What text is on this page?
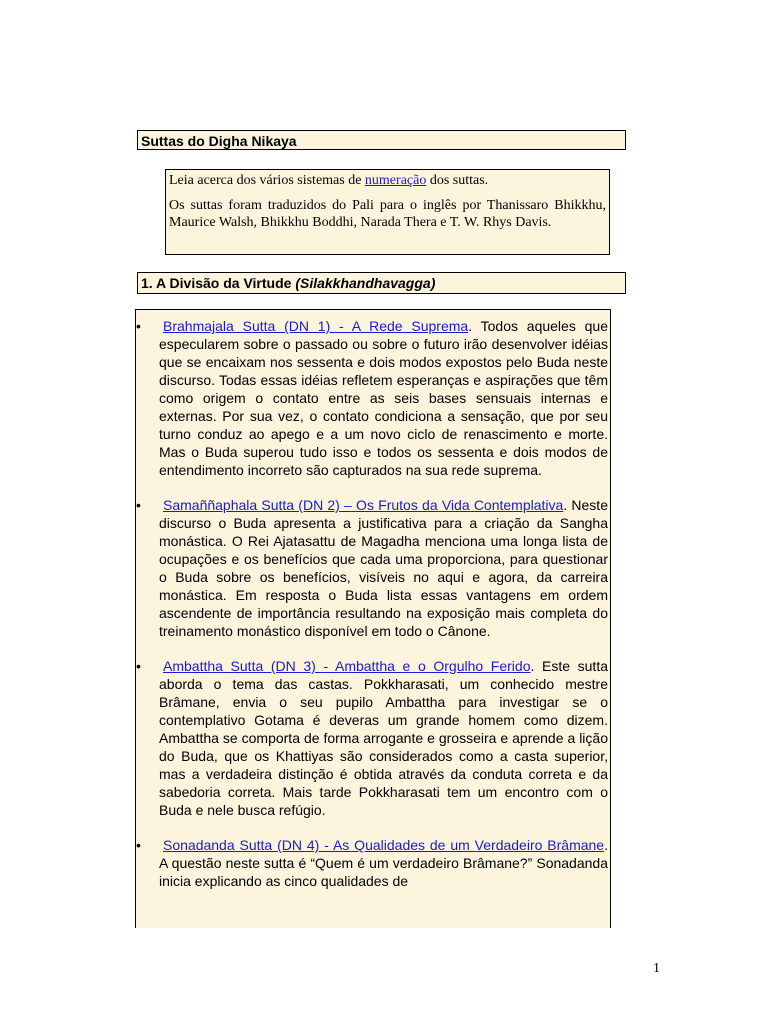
Suttas do Digha Nikaya

Leia acerca dos vários sistemas de numeração dos suttas.

Os suttas foram traduzidos do Pali para o inglês por Thanissaro Bhikkhu, Maurice Walsh, Bhikkhu Boddhi, Narada Thera e T. W. Rhys Davis.

1. A Divisão da Virtude (Silakkhandhavagga)
• Brahmajala Sutta (DN 1) - A Rede Suprema. Todos aqueles que especularem sobre o passado ou sobre o futuro irão desenvolver idéias que se encaixam nos sessenta e dois modos expostos pelo Buda neste discurso. Todas essas idéias refletem esperanças e aspirações que têm como origem o contato entre as seis bases sensuais internas e externas. Por sua vez, o contato condiciona a sensação, que por seu turno conduz ao apego e a um novo ciclo de renascimento e morte. Mas o Buda superou tudo isso e todos os sessenta e dois modos de entendimento incorreto são capturados na sua rede suprema.
• Samaññaphala Sutta (DN 2) – Os Frutos da Vida Contemplativa. Neste discurso o Buda apresenta a justificativa para a criação da Sangha monástica. O Rei Ajatasattu de Magadha menciona uma longa lista de ocupações e os benefícios que cada uma proporciona, para questionar o Buda sobre os benefícios, visíveis no aqui e agora, da carreira monástica. Em resposta o Buda lista essas vantagens em ordem ascendente de importância resultando na exposição mais completa do treinamento monástico disponível em todo o Cânone.
• Ambattha Sutta (DN 3) - Ambattha e o Orgulho Ferido. Este sutta aborda o tema das castas. Pokkharasati, um conhecido mestre Brâmane, envia o seu pupilo Ambattha para investigar se o contemplativo Gotama é deveras um grande homem como dizem. Ambattha se comporta de forma arrogante e grosseira e aprende a lição do Buda, que os Khattiyas são considerados como a casta superior, mas a verdadeira distinção é obtida através da conduta correta e da sabedoria correta. Mais tarde Pokkharasati tem um encontro com o Buda e nele busca refúgio.
• Sonadanda Sutta (DN 4) - As Qualidades de um Verdadeiro Brâmane. A questão neste sutta é “Quem é um verdadeiro Brâmane?” Sonadanda inicia explicando as cinco qualidades de
1
